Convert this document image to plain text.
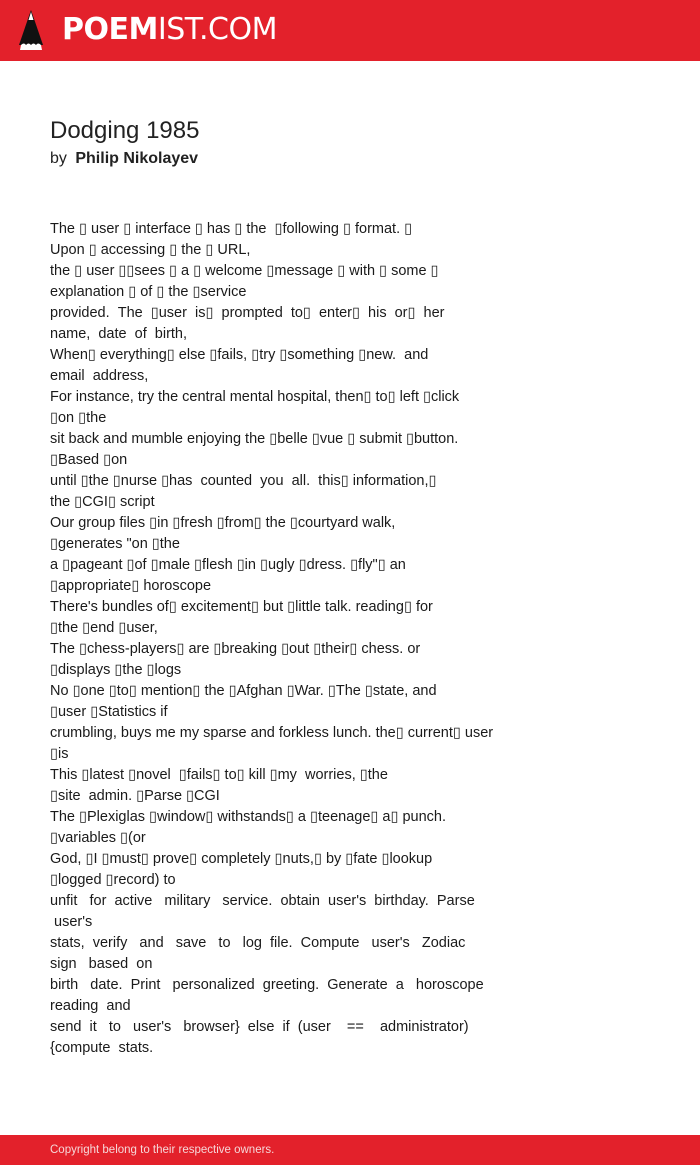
POEMIST.COM
Dodging 1985
by Philip Nikolayev
The ▯ user ▯ interface ▯ has ▯ the  ▯following ▯ format. ▯
Upon ▯ accessing ▯ the ▯ URL,
the ▯ user ▯▯sees ▯ a ▯ welcome ▯message ▯ with ▯ some ▯
explanation ▯ of ▯ the ▯service
provided.  The  ▯user  is▯  prompted  to▯  enter▯  his  or▯  her
name,  date  of  birth,
When▯ everything▯ else ▯fails, ▯try ▯something ▯new.  and
email  address,
For instance, try the central mental hospital, then▯ to▯ left ▯click
▯on ▯the
sit back and mumble enjoying the ▯belle ▯vue ▯ submit ▯button.
▯Based ▯on
until ▯the ▯nurse ▯has  counted  you  all.  this▯ information,▯
the ▯CGI▯ script
Our group files ▯in ▯fresh ▯from▯ the ▯courtyard walk,
▯generates "on ▯the
a ▯pageant ▯of ▯male ▯flesh ▯in ▯ugly ▯dress. ▯fly"▯ an
▯appropriate▯ horoscope
There's bundles of▯ excitement▯ but ▯little talk. reading▯ for
▯the ▯end ▯user,
The ▯chess-players▯ are ▯breaking ▯out ▯their▯ chess. or
▯displays ▯the ▯logs
No ▯one ▯to▯ mention▯ the ▯Afghan ▯War. ▯The ▯state, and
▯user ▯Statistics if
crumbling, buys me my sparse and forkless lunch. the▯ current▯ user
▯is
This ▯latest ▯novel  ▯fails▯ to▯ kill ▯my  worries, ▯the
▯site  admin. ▯Parse ▯CGI
The ▯Plexiglas ▯window▯ withstands▯ a ▯teenage▯ a▯ punch.
▯variables ▯(or
God, ▯I ▯must▯ prove▯ completely ▯nuts,▯ by ▯fate ▯lookup
▯logged ▯record) to
unfit   for  active   military   service.  obtain  user's  birthday.  Parse
user's
stats,  verify   and   save   to   log  file.  Compute   user's   Zodiac
sign   based  on
birth   date.  Print   personalized  greeting.  Generate  a   horoscope
reading  and
send  it   to   user's   browser}  else  if  (user    ==    administrator)
{compute  stats.
Copyright belong to their respective owners.
